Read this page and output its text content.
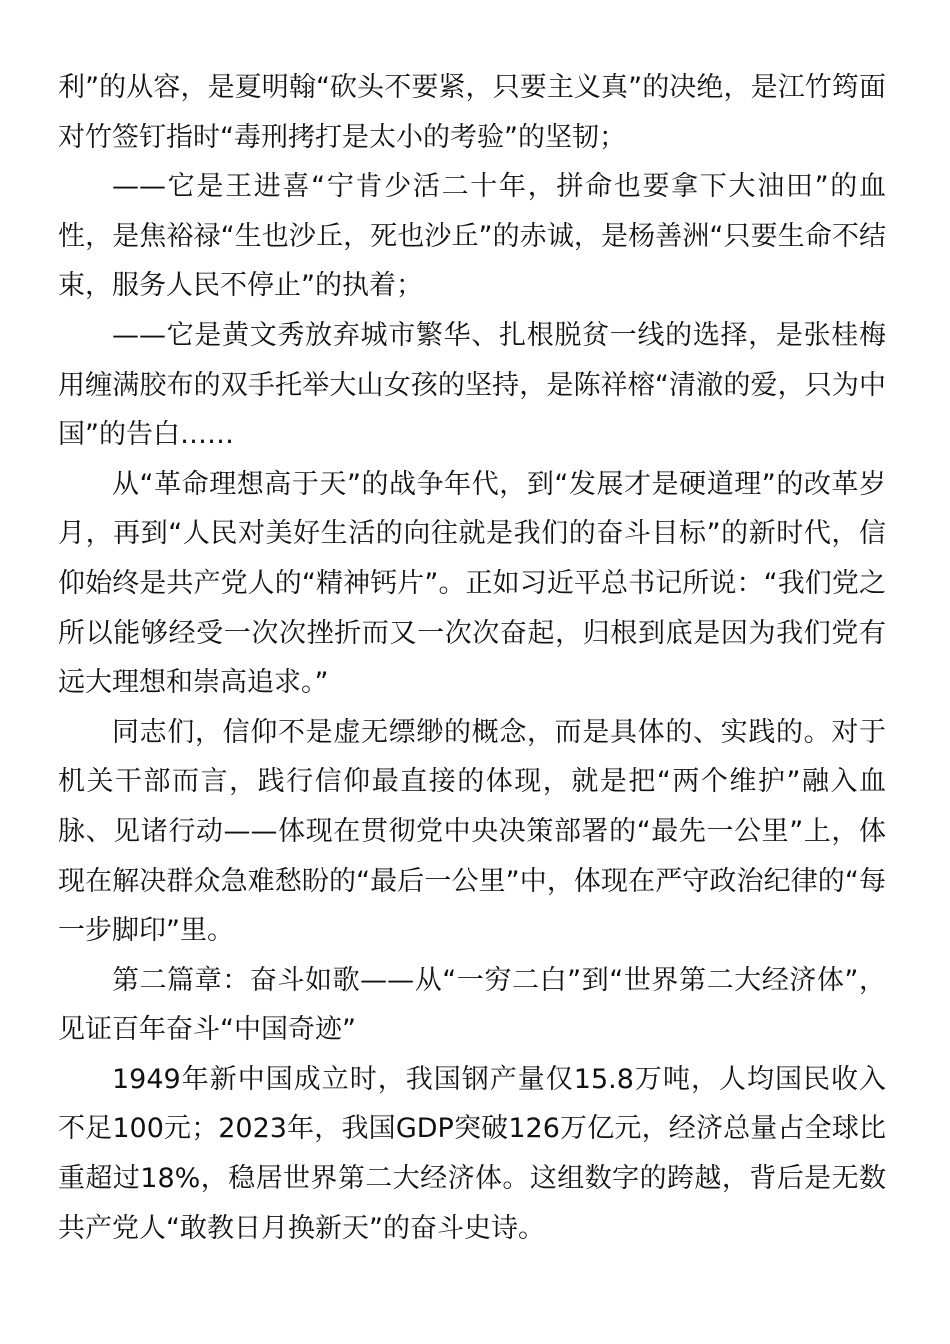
利”的从容，是夏明翰“砍头不要紧，只要主义真”的决绝，是江竹筠面对竹签钉指时“毒刑拷打是太小的考验”的坚韧；

——它是王进喜“宁肯少活二十年，拼命也要拿下大油田”的血性，是焦裕禄“生也沙丘，死也沙丘”的赤诚，是杨善洲“只要生命不结束，服务人民不停止”的执着；

——它是黄文秀放弃城市繁华、扎根脱贫一线的选择，是张桂梅用缠满胶布的双手托举大山女孩的坚持，是陈祥榕“清澈的爱，只为中国”的告白……

从“革命理想高于天”的战争年代，到“发展才是硬道理”的改革岁月，再到“人民对美好生活的向往就是我们的奋斗目标”的新时代，信仰始终是共产党人的“精神钙片”。正如习近平总书记所说：“我们党之所以能够经受一次次挫折而又一次次奋起，归根到底是因为我们党有远大理想和崇高追求。”

同志们，信仰不是虚无缥缈的概念，而是具体的、实践的。对于机关干部而言，践行信仰最直接的体现，就是把“两个维护”融入血脉、见诸行动——体现在贯彻党中央决策部署的“最先一公里”上，体现在解决群众急难愁盼的“最后一公里”中，体现在严守政治纪律的“每一步脚印”里。

第二篇章：奋斗如歌——从“一穷二白”到“世界第二大经济体”，见证百年奋斗“中国奇迹”

1949年新中国成立时，我国钢产量仅15.8万吨，人均国民收入不足100元；2023年，我国GDP突破126万亿元，经济总量占全球比重超过18%，稳居世界第二大经济体。这组数字的跨越，背后是无数共产党人“敢教日月换新天”的奋斗史诗。
